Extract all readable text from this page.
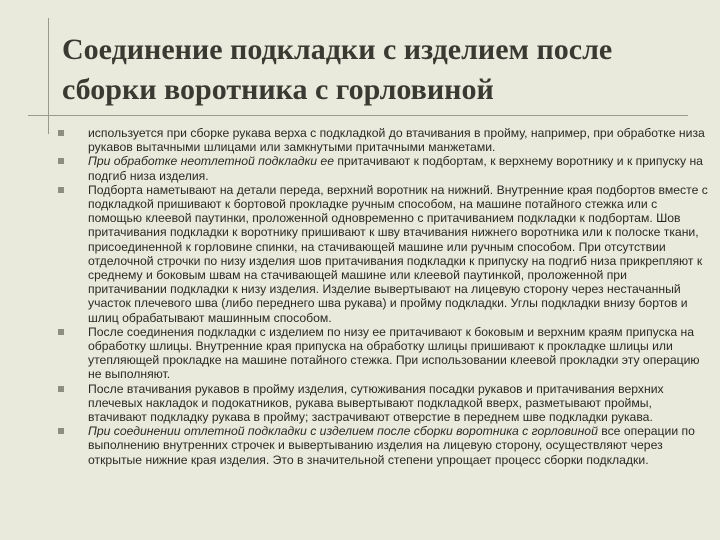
Соединение подкладки с изделием после сборки воротника с горловиной
используется при сборке рукава верха с подкладкой до втачивания в пройму, например, при обработке низа рукавов вытачными шлицами или замкнутыми притачными манжетами.
При обработке неотлетной подкладки ее притачивают к подбортам, к верхнему воротнику и к припуску на подгиб низа изделия.
Подборта наметывают на детали переда, верхний воротник на нижний. Внутренние края подбортов вместе с подкладкой пришивают к бортовой прокладке ручным способом, на машине потайного стежка или с помощью клеевой паутинки, проложенной одновременно с притачиванием подкладки к подбортам. Шов притачивания подкладки к воротнику пришивают к шву втачивания нижнего воротника или к полоске ткани, присоединенной к горловине спинки, на стачивающей машине или ручным способом. При отсутствии отделочной строчки по низу изделия шов притачивания подкладки к припуску на подгиб низа прикрепляют к среднему и боковым швам на стачивающей машине или клеевой паутинкой, проложенной при притачивании подкладки к низу изделия. Изделие вывертывают на лицевую сторону через нестачанный участок плечевого шва (либо переднего шва рукава) и пройму подкладки. Углы подкладки внизу бортов и шлиц обрабатывают машинным способом.
После соединения подкладки с изделием по низу ее притачивают к боковым и верхним краям припуска на обработку шлицы. Внутренние края припуска на обработку шлицы пришивают к прокладке шлицы или утепляющей прокладке на машине потайного стежка. При использовании клеевой прокладки эту операцию не выполняют.
После втачивания рукавов в пройму изделия, сутюживания посадки рукавов и притачивания верхних плечевых накладок и подокатников, рукава вывертывают подкладкой вверх, разметывают проймы, втачивают подкладку рукава в пройму; застрачивают отверстие в переднем шве подкладки рукава.
При соединении отлетной подкладки с изделием после сборки воротника с горловиной все операции по выполнению внутренних строчек и вывертыванию изделия на лицевую сторону, осуществляют через открытые нижние края изделия. Это в значительной степени упрощает процесс сборки подкладки.
